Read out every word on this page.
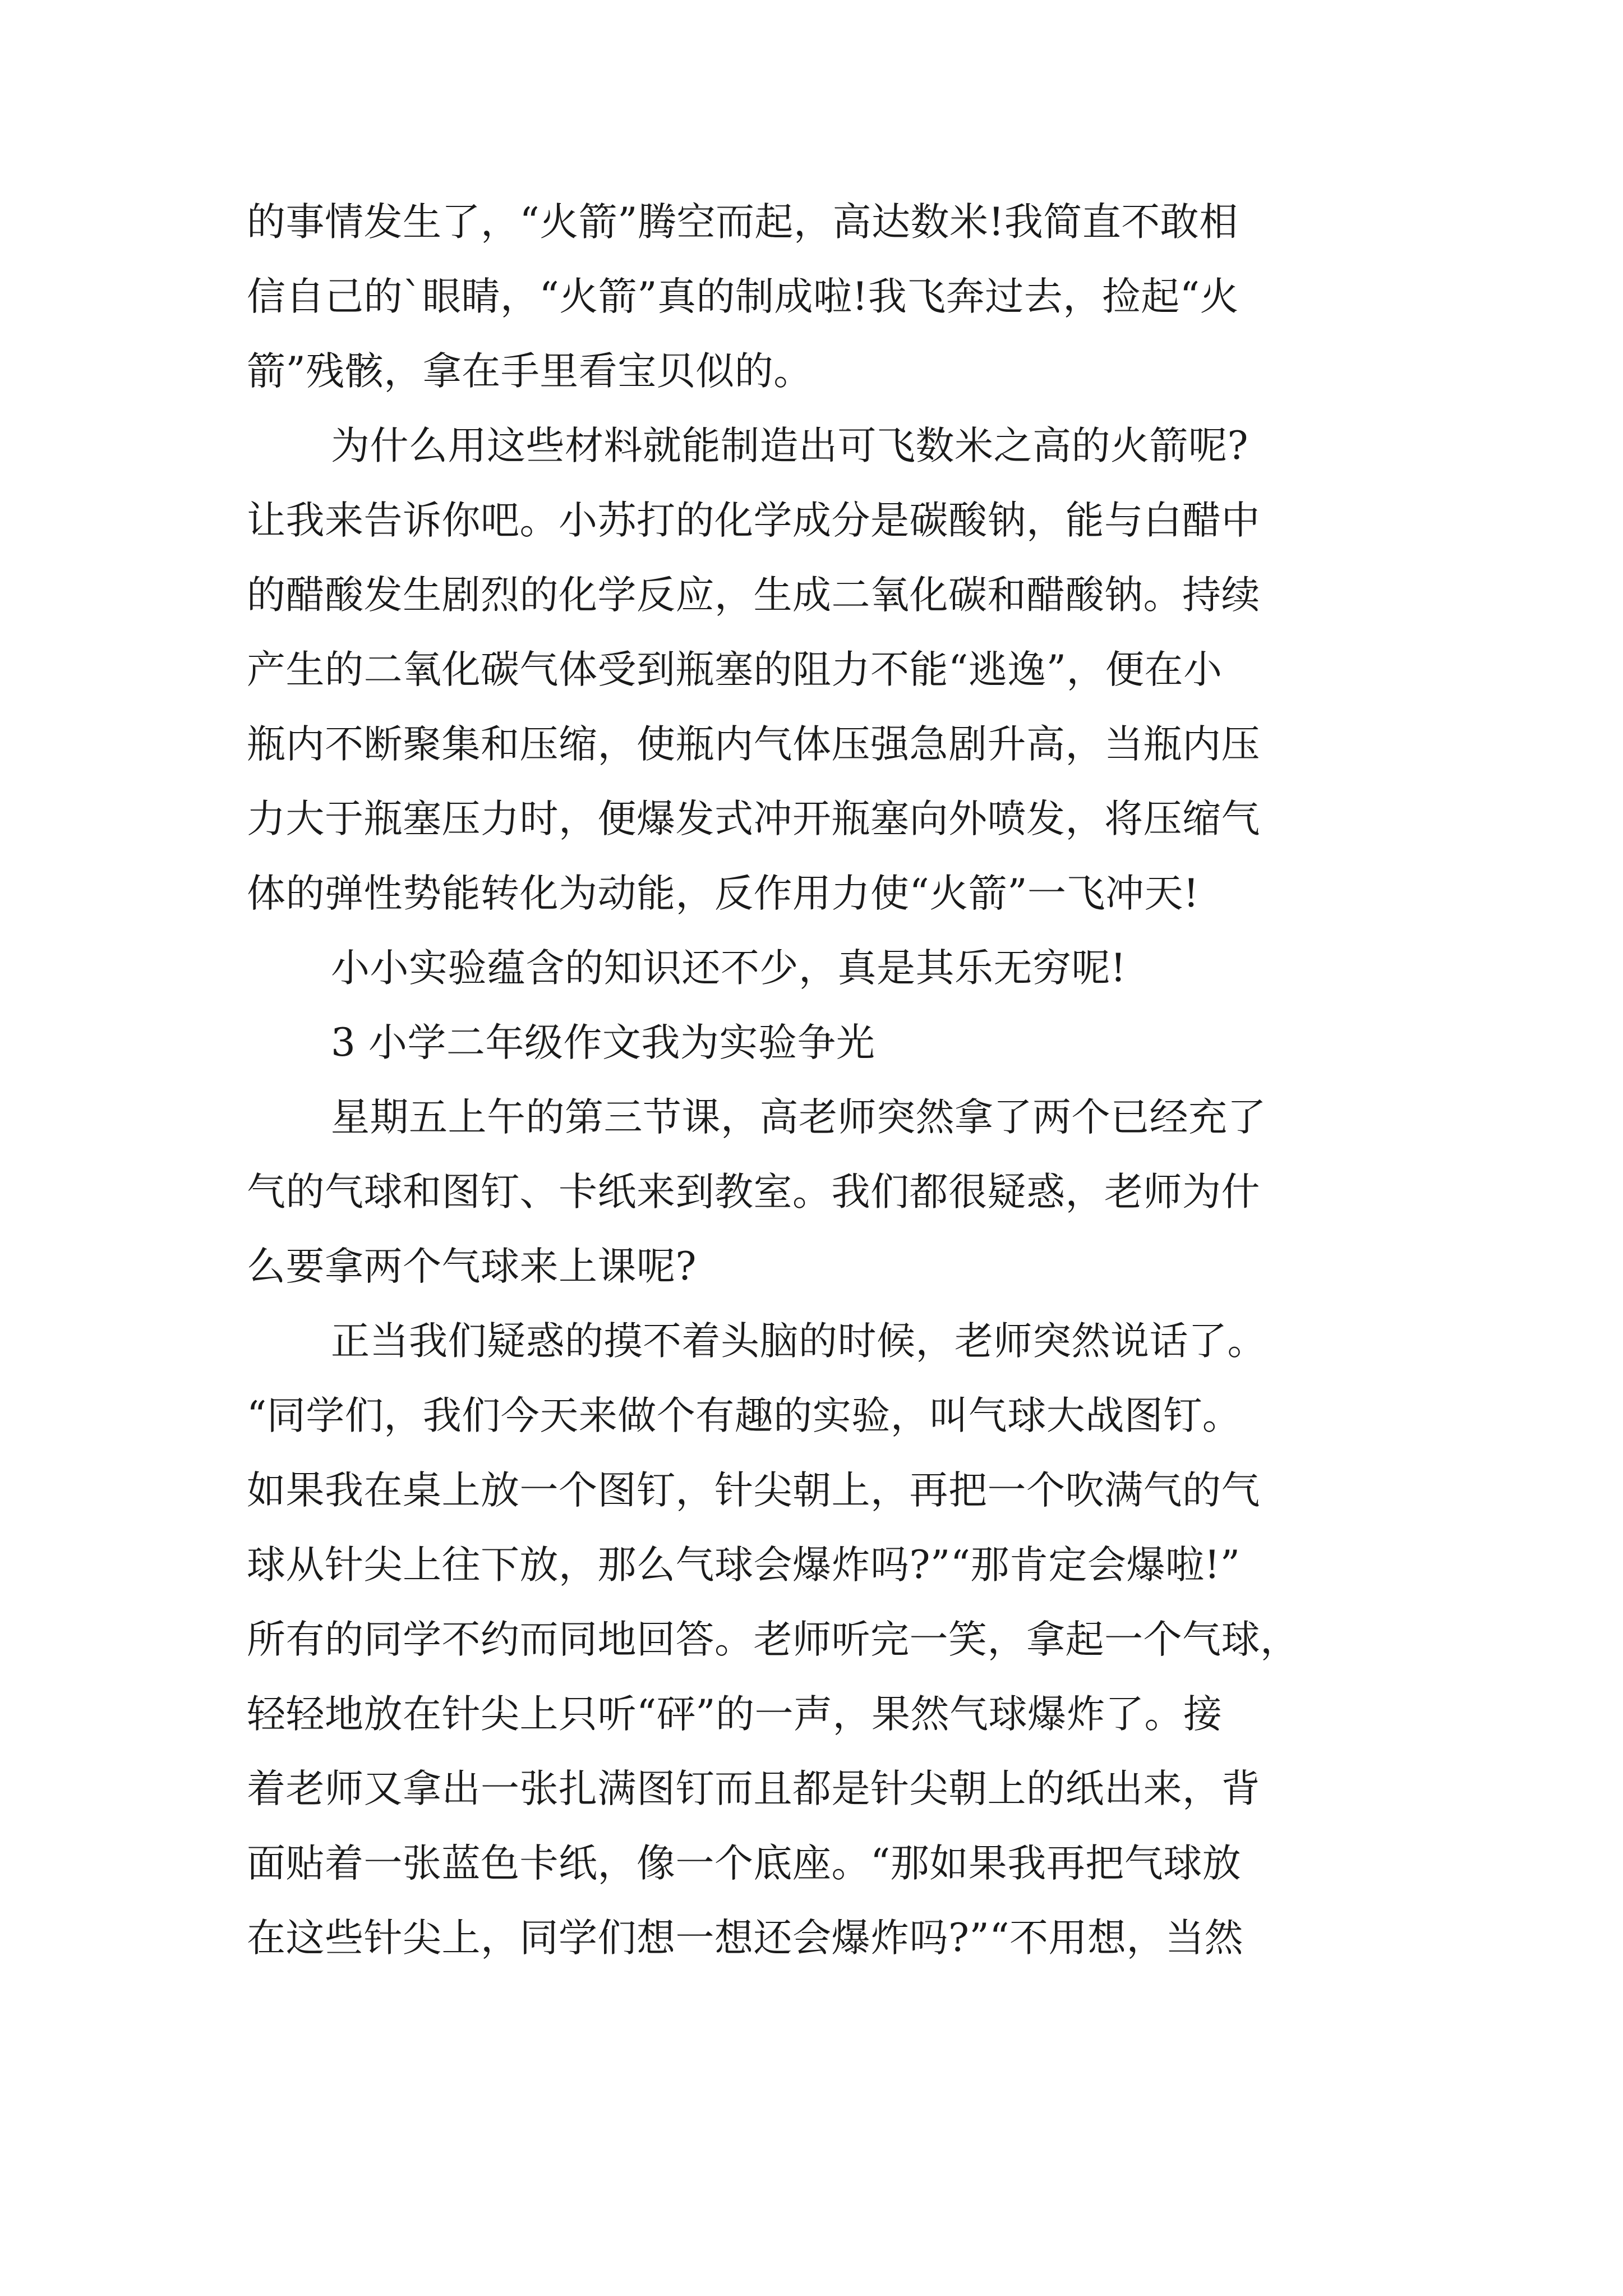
的事情发生了，“火箭”腾空而起，高达数米!我简直不敢相
信自己的`眼睛，“火箭”真的制成啦!我飞奔过去，捡起“火
箭”残骸，拿在手里看宝贝似的。
为什么用这些材料就能制造出可飞数米之高的火箭呢?
让我来告诉你吧。小苏打的化学成分是碳酸钠，能与白醋中
的醋酸发生剧烈的化学反应，生成二氧化碳和醋酸钠。持续
产生的二氧化碳气体受到瓶塞的阻力不能“逃逸”，便在小
瓶内不断聚集和压缩，使瓶内气体压强急剧升高，当瓶内压
力大于瓶塞压力时，便爆发式冲开瓶塞向外喷发，将压缩气
体的弹性势能转化为动能，反作用力使“火箭”一飞冲天!
小小实验蕴含的知识还不少，真是其乐无穷呢!
3 小学二年级作文我为实验争光
星期五上午的第三节课，高老师突然拿了两个已经充了
气的气球和图钉、卡纸来到教室。我们都很疑惑，老师为什
么要拿两个气球来上课呢?
正当我们疑惑的摸不着头脑的时候，老师突然说话了。
“同学们，我们今天来做个有趣的实验，叫气球大战图钉。
如果我在桌上放一个图钉，针尖朝上，再把一个吹满气的气
球从针尖上往下放，那么气球会爆炸吗?”“那肯定会爆啦!”
所有的同学不约而同地回答。老师听完一笑，拿起一个气球，
轻轻地放在针尖上只听“砰”的一声，果然气球爆炸了。接
着老师又拿出一张扎满图钉而且都是针尖朝上的纸出来，背
面贴着一张蓝色卡纸，像一个底座。“那如果我再把气球放
在这些针尖上，同学们想一想还会爆炸吗?”“不用想，当然
